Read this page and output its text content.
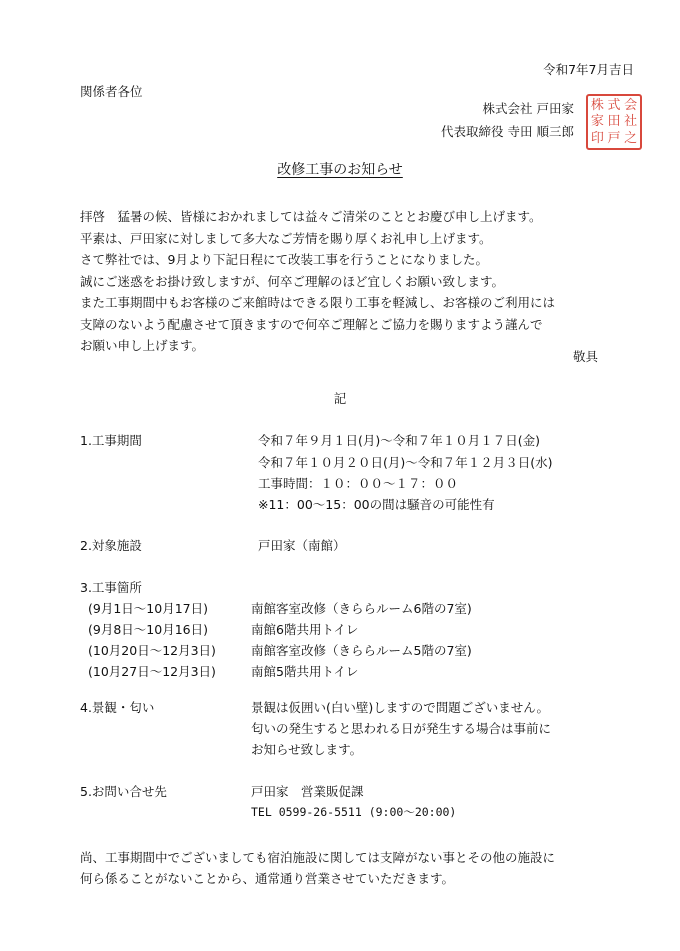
令和7年7月吉日
関係者各位
株式会社 戸田家
代表取締役 寺田 順三郎
株 式 会
家 田 社
印 戸 之
改修工事のお知らせ
拝啓　猛暑の候、皆様におかれましては益々ご清栄のこととお慶び申し上げます。
平素は、戸田家に対しまして多大なご芳情を賜り厚くお礼申し上げます。
さて弊社では、9月より下記日程にて改装工事を行うことになりました。
誠にご迷惑をお掛け致しますが、何卒ご理解のほど宜しくお願い致します。
また工事期間中もお客様のご来館時はできる限り工事を軽減し、お客様のご利用には
支障のないよう配慮させて頂きますので何卒ご理解とご協力を賜りますよう謹んで
お願い申し上げます。
敬具
記
1.工事期間	令和７年９月１日(月)～令和７年１０月１７日(金)
令和７年１０月２０日(月)～令和７年１２月３日(水)
工事時間：１０：００～１７：００
※11：00～15：00の間は騒音の可能性有
2.対象施設	戸田家（南館）
3.工事箇所
(9月1日～10月17日)	南館客室改修（きららルーム6階の7室)
(9月8日～10月16日)	南館6階共用トイレ
(10月20日～12月3日)	南館客室改修（きららルーム5階の7室)
(10月27日～12月3日)	南館5階共用トイレ
4.景観・匂い	景観は仮囲い(白い壁)しますので問題ございません。
匂いの発生すると思われる日が発生する場合は事前に
お知らせ致します。
5.お問い合せ先	戸田家　営業販促課
TEL 0599-26-5511 (9:00～20:00)
尚、工事期間中でございましても宿泊施設に関しては支障がない事とその他の施設に
何ら係ることがないことから、通常通り営業させていただきます。
